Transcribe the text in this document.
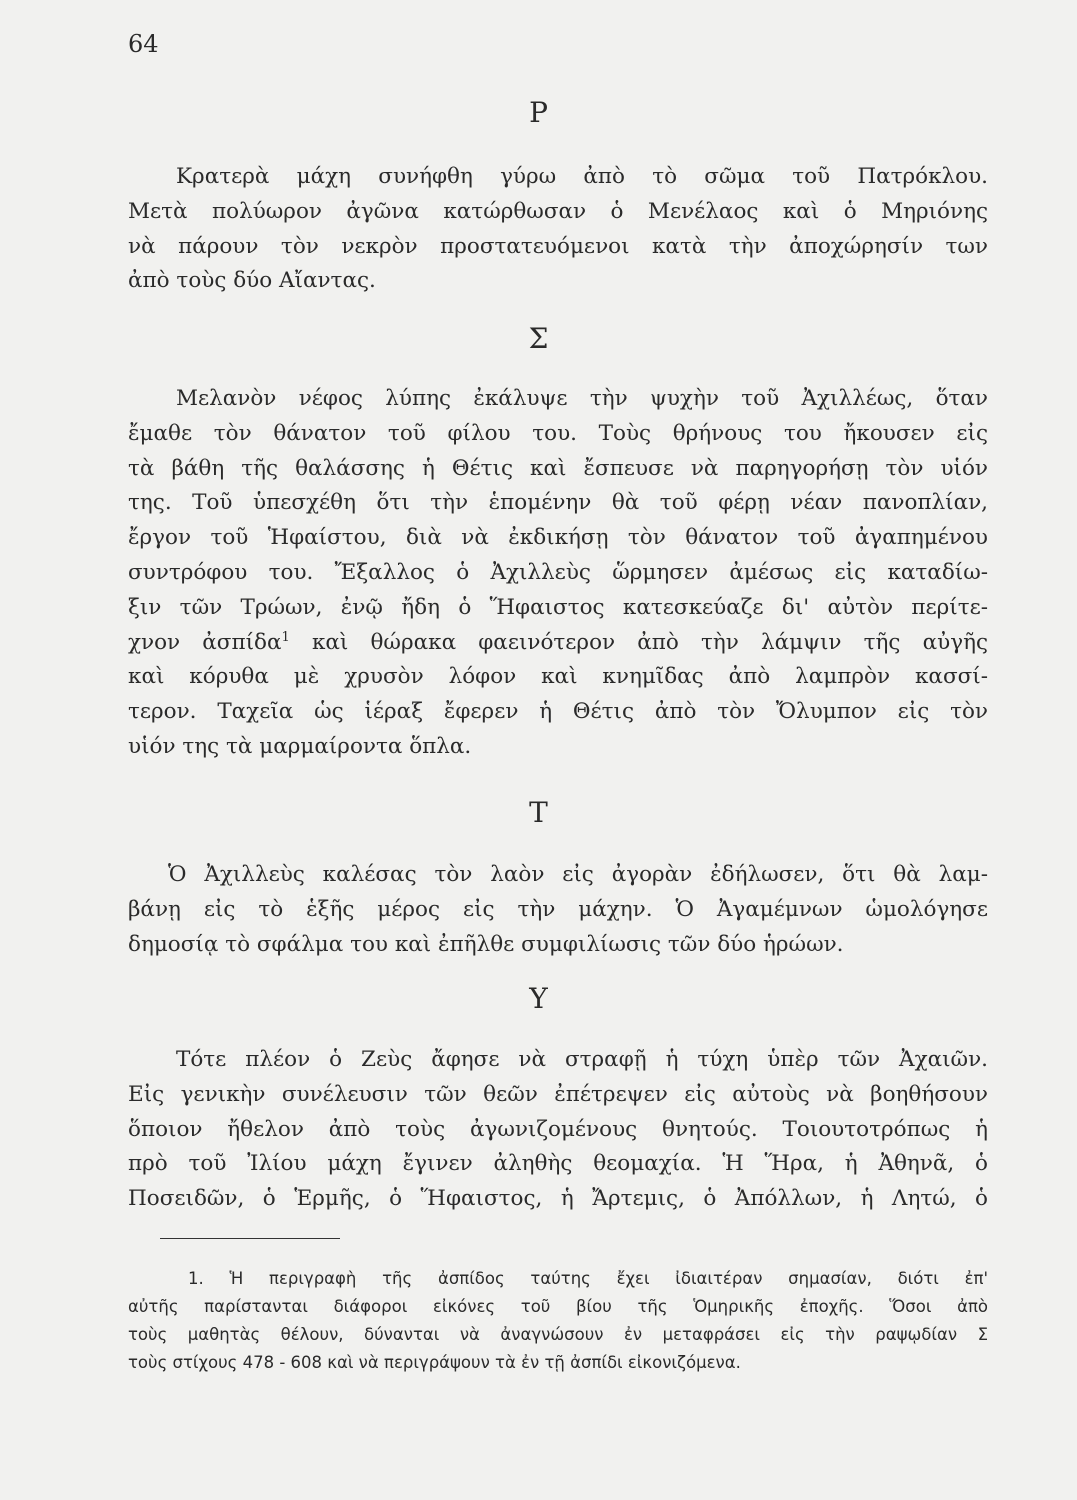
64
Ρ
Κρατερὰ μάχη συνήφθη γύρω ἀπὸ τὸ σῶμα τοῦ Πατρόκλου.
Μετὰ πολύωρον ἀγῶνα κατώρθωσαν ὁ Μενέλαος καὶ ὁ Μηριόνης
νὰ πάρουν τὸν νεκρὸν προστατευόμενοι κατὰ τὴν ἀποχώρησίν των
ἀπὸ τοὺς δύο Αἴαντας.
Σ
Μελανὸν νέφος λύπης ἐκάλυψε τὴν ψυχὴν τοῦ Ἀχιλλέως, ὅταν
ἔμαθε τὸν θάνατον τοῦ φίλου του. Τοὺς θρήνους του ἤκουσεν εἰς
τὰ βάθη τῆς θαλάσσης ἡ Θέτις καὶ ἔσπευσε νὰ παρηγορήσῃ τὸν υἱόν
της. Τοῦ ὑπεσχέθη ὅτι τὴν ἑπομένην θὰ τοῦ φέρῃ νέαν πανοπλίαν,
ἔργον τοῦ Ἡφαίστου, διὰ νὰ ἐκδικήσῃ τὸν θάνατον τοῦ ἀγαπημένου
συντρόφου του. Ἔξαλλος ὁ Ἀχιλλεὺς ὥρμησεν ἀμέσως εἰς καταδίω-
ξιν τῶν Τρώων, ἐνῷ ἤδη ὁ Ἥφαιστος κατεσκεύαζε δι' αὐτὸν περίτε-
χνον ἀσπίδα$^1$ καὶ θώρακα φαεινότερον ἀπὸ τὴν λάμψιν τῆς αὐγῆς
καὶ κόρυθα μὲ χρυσὸν λόφον καὶ κνημῖδας ἀπὸ λαμπρὸν κασσί-
τερον. Ταχεῖα ὡς ἱέραξ ἔφερεν ἡ Θέτις ἀπὸ τὸν Ὄλυμπον εἰς τὸν
υἱόν της τὰ μαρμαίροντα ὅπλα.
Τ
Ὁ Ἀχιλλεὺς καλέσας τὸν λαὸν εἰς ἀγορὰν ἐδήλωσεν, ὅτι θὰ λαμ-
βάνῃ εἰς τὸ ἑξῆς μέρος εἰς τὴν μάχην. Ὁ Ἀγαμέμνων ὡμολόγησε
δημοσίᾳ τὸ σφάλμα του καὶ ἐπῆλθε συμφιλίωσις τῶν δύο ἡρώων.
Υ
Τότε πλέον ὁ Ζεὺς ἄφησε νὰ στραφῇ ἡ τύχη ὑπὲρ τῶν Ἀχαιῶν.
Εἰς γενικὴν συνέλευσιν τῶν θεῶν ἐπέτρεψεν εἰς αὐτοὺς νὰ βοηθήσουν
ὅποιον ἤθελον ἀπὸ τοὺς ἀγωνιζομένους θνητούς. Τοιουτοτρόπως ἡ
πρὸ τοῦ Ἰλίου μάχη ἔγινεν ἀληθὴς θεομαχία. Ἡ Ἥρα, ἡ Ἀθηνᾶ, ὁ
Ποσειδῶν, ὁ Ἑρμῆς, ὁ Ἥφαιστος, ἡ Ἄρτεμις, ὁ Ἀπόλλων, ἡ Λητώ, ὁ
1. Ἡ περιγραφὴ τῆς ἀσπίδος ταύτης ἔχει ἰδιαιτέραν σημασίαν, διότι ἐπ'
αὐτῆς παρίστανται διάφοροι εἰκόνες τοῦ βίου τῆς Ὁμηρικῆς ἐποχῆς. Ὅσοι ἀπὸ
τοὺς μαθητὰς θέλουν, δύνανται νὰ ἀναγνώσουν ἐν μεταφράσει εἰς τὴν ραψῳδίαν Σ
τοὺς στίχους 478 - 608 καὶ νὰ περιγράψουν τὰ ἐν τῇ ἀσπίδι εἰκονιζόμενα.
